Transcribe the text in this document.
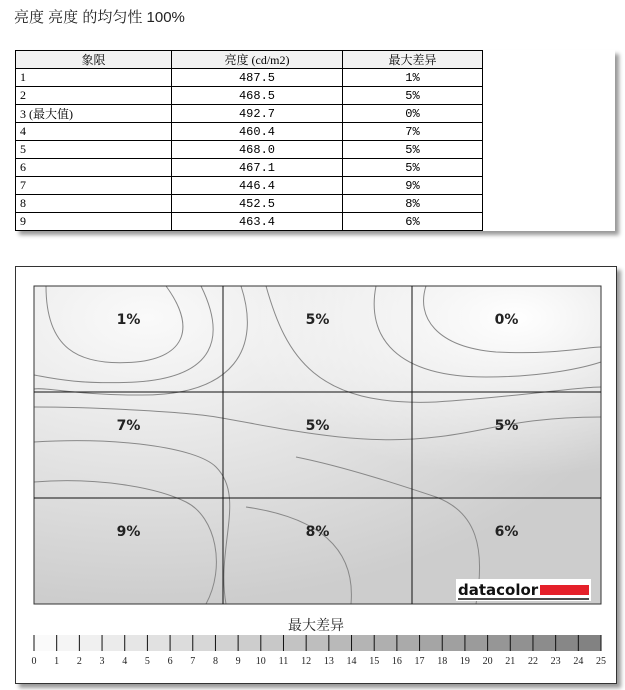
亮度 亮度 的均匀性 100%
象限	亮度 (cd/m2)	最大差异
1	487.5	1%
2	468.5	5%
3 (最大值)	492.7	0%
4	460.4	7%
5	468.0	5%
6	467.1	5%
7	446.4	9%
8	452.5	8%
9	463.4	6%
1%	5%	0%
7%	5%	5%
9%	8%	6%
datacolor
最大差异
0 1 2 3 4 5 6 7 8 9 10 11 12 13 14 15 16 17 18 19 20 21 22 23 24 25
